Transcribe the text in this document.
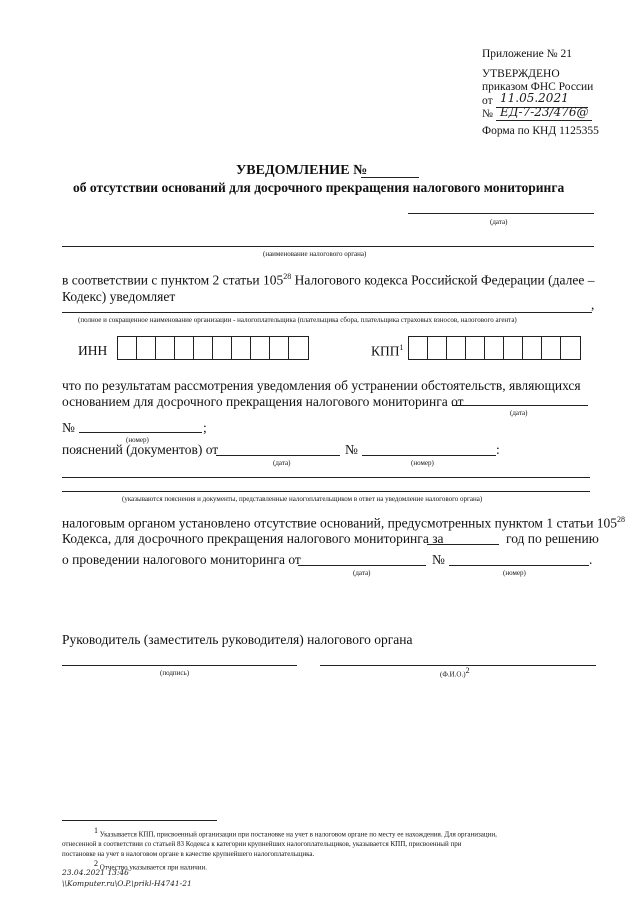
Приложение № 21
УТВЕРЖДЕНО
приказом ФНС России
от 11.05.2021
№ ЕД-7-23/476@
Форма по КНД 1125355
УВЕДОМЛЕНИЕ №
об отсутствии оснований для досрочного прекращения налогового мониторинга
(дата)
(наименование налогового органа)
в соответствии с пунктом 2 статьи $105^{28}$ Налогового кодекса Российской Федерации (далее –
Кодекс) уведомляет
,
(полное и сокращенное наименование организации - налогоплательщика (плательщика сбора, плательщика страховых взносов, налогового агента)
ИНН	КПП$^1$
что по результатам рассмотрения уведомления об устранении обстоятельств, являющихся
основанием для досрочного прекращения налогового мониторинга от
(дата)
№	;
(номер)
пояснений (документов) от	№	:
(дата)	(номер)
(указываются пояснения и документы, представленные налогоплательщиком в ответ на уведомление налогового органа)
налоговым органом установлено отсутствие оснований, предусмотренных пунктом 1 статьи $105^{28}$
Кодекса, для досрочного прекращения налогового мониторинга за	год по решению
о проведении налогового мониторинга от	№	.
(дата)	(номер)
Руководитель (заместитель руководителя) налогового органа
(подпись)	$(Ф.И.О.)^2$
$^1$ Указывается КПП, присвоенный организации при постановке на учет в налоговом органе по месту ее нахождения. Для организации,
отнесенной в соответствии со статьей 83 Кодекса к категории крупнейших налогоплательщиков, указывается КПП, присвоенный при
постановке на учет в налоговом органе в качестве крупнейшего налогоплательщика.
$^2$ Отчество указывается при наличии.
23.04.2021 13:46
\\Komputer.ru\O.P.\prikl-H4741-21
